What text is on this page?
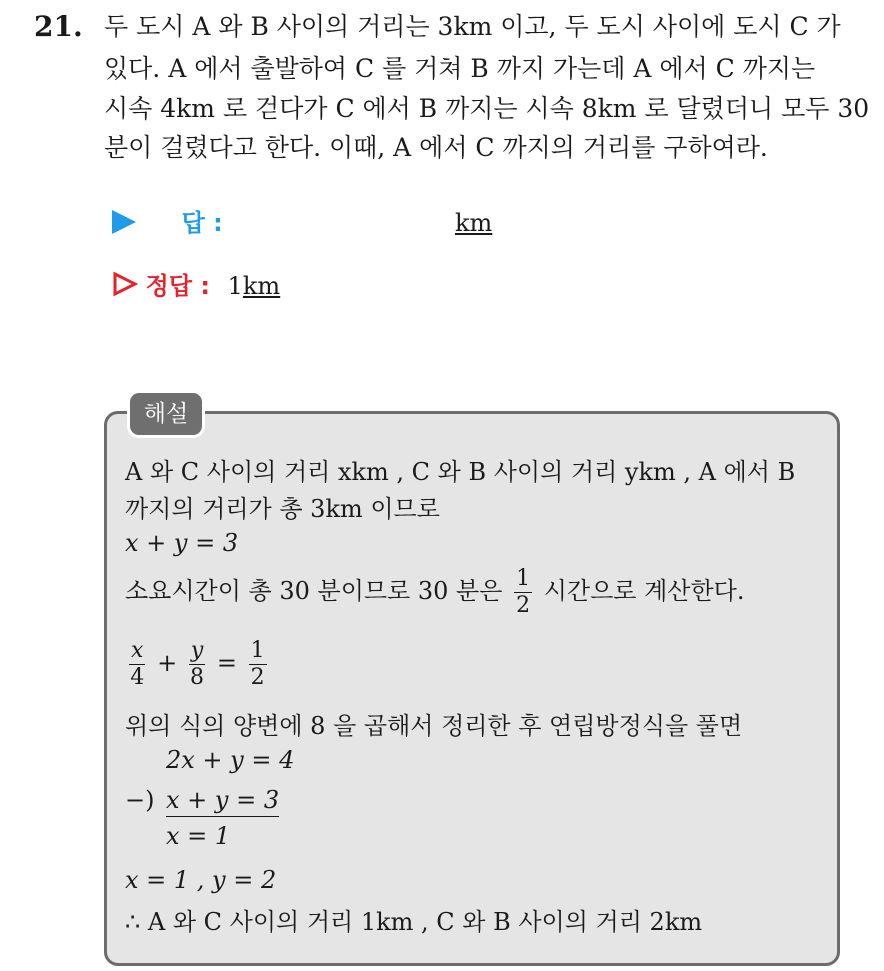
21. 두 도시 A 와 B 사이의 거리는 3km 이고, 두 도시 사이에 도시 C 가
있다. A 에서 출발하여 C 를 거쳐 B 까지 가는데 A 에서 C 까지는
시속 4km 로 걷다가 C 에서 B 까지는 시속 8km 로 달렸더니 모두 30
분이 걸렸다고 한다. 이때, A 에서 C 까지의 거리를 구하여라.
답 :	km
정답 : 1km
해설
A 와 C 사이의 거리 xkm , C 와 B 사이의 거리 ykm , A 에서 B
까지의 거리가 총 3km 이므로
x + y = 3
소요시간이 총 30 분이므로 30 분은 $\frac{1}{2}$ 시간으로 계산한다.
$\frac{x}{4} + \frac{y}{8} = \frac{1}{2}$
위의 식의 양변에 8 을 곱해서 정리한 후 연립방정식을 풀면
2x + y = 4
−) x + y = 3
x = 1
x = 1 , y = 2
∴ A 와 C 사이의 거리 1km , C 와 B 사이의 거리 2km
